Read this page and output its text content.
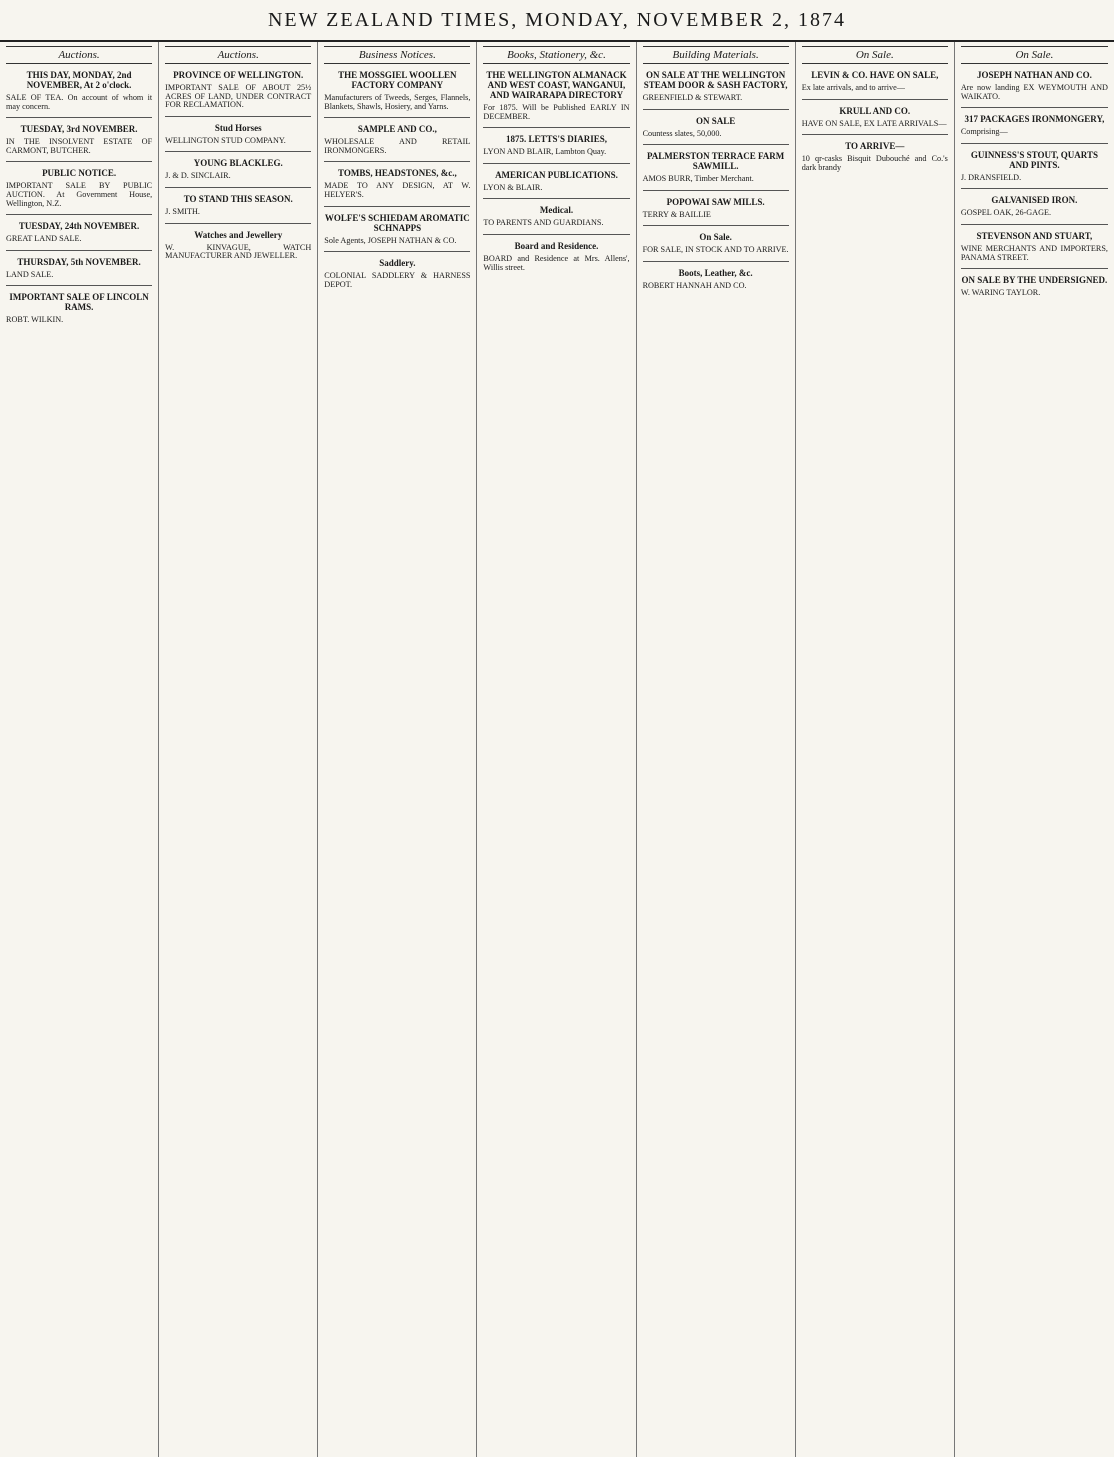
NEW ZEALAND TIMES, MONDAY, NOVEMBER 2, 1874
Auctions.
THIS DAY, MONDAY, 2nd NOVEMBER, At 2 o'clock.
SALE OF TEA. On account of whom it may concern.
TUESDAY, 3rd NOVEMBER.
IN THE INSOLVENT ESTATE OF CARMONT, BUTCHER.
PUBLIC NOTICE.
IMPORTANT SALE BY PUBLIC AUCTION. At Government House, Wellington, N.Z.
TUESDAY, 24th NOVEMBER.
GREAT LAND SALE.
THURSDAY, 5th NOVEMBER.
LAND SALE.
IMPORTANT SALE OF LINCOLN RAMS.
ROBT. WILKIN.
Auctions.
PROVINCE OF WELLINGTON.
IMPORTANT SALE OF ABOUT 25½ ACRES OF LAND, UNDER CONTRACT FOR RECLAMATION.
Stud Horses
WELLINGTON STUD COMPANY.
YOUNG BLACKLEG.
J. & D. SINCLAIR.
TO STAND THIS SEASON.
J. SMITH.
Watches and Jewellery
W. KINVAGUE, WATCH MANUFACTURER AND JEWELLER.
Business Notices.
THE MOSSGIEL WOOLLEN FACTORY COMPANY
Manufacturers of Tweeds, Serges, Flannels, Blankets, Shawls, Hosiery, and Yarns.
SAMPLE AND CO.,
WHOLESALE AND RETAIL IRONMONGERS.
TOMBS, HEADSTONES, &c.,
MADE TO ANY DESIGN, AT W. HELYER'S.
WOLFE'S SCHIEDAM AROMATIC SCHNAPPS
Sole Agents, JOSEPH NATHAN & CO.
Saddlery.
COLONIAL SADDLERY & HARNESS DEPOT.
Books, Stationery, &c.
THE WELLINGTON ALMANACK AND WEST COAST, WANGANUI, AND WAIRARAPA DIRECTORY
For 1875. Will be Published EARLY IN DECEMBER.
1875. LETTS'S DIARIES,
LYON AND BLAIR, Lambton Quay.
AMERICAN PUBLICATIONS.
LYON & BLAIR.
Medical.
TO PARENTS AND GUARDIANS.
Board and Residence.
BOARD and Residence at Mrs. Allens', Willis street.
Building Materials.
ON SALE AT THE WELLINGTON STEAM DOOR & SASH FACTORY,
GREENFIELD & STEWART.
ON SALE
Countess slates, 50,000.
PALMERSTON TERRACE FARM SAWMILL.
AMOS BURR, Timber Merchant.
POPOWAI SAW MILLS.
TERRY & BAILLIE
On Sale.
FOR SALE, IN STOCK AND TO ARRIVE.
Boots, Leather, &c.
ROBERT HANNAH AND CO.
On Sale.
LEVIN & CO. HAVE ON SALE,
Ex late arrivals, and to arrive—
KRULL AND CO.
HAVE ON SALE, EX LATE ARRIVALS—
TO ARRIVE—
10 qr-casks Bisquit Dubouché and Co.'s dark brandy
On Sale.
JOSEPH NATHAN AND CO.
Are now landing EX WEYMOUTH AND WAIKATO.
317 PACKAGES IRONMONGERY,
Comprising—
GUINNESS'S STOUT, QUARTS AND PINTS.
J. DRANSFIELD.
GALVANISED IRON.
GOSPEL OAK, 26-GAGE.
STEVENSON AND STUART,
WINE MERCHANTS AND IMPORTERS, PANAMA STREET.
ON SALE BY THE UNDERSIGNED.
W. WARING TAYLOR.
